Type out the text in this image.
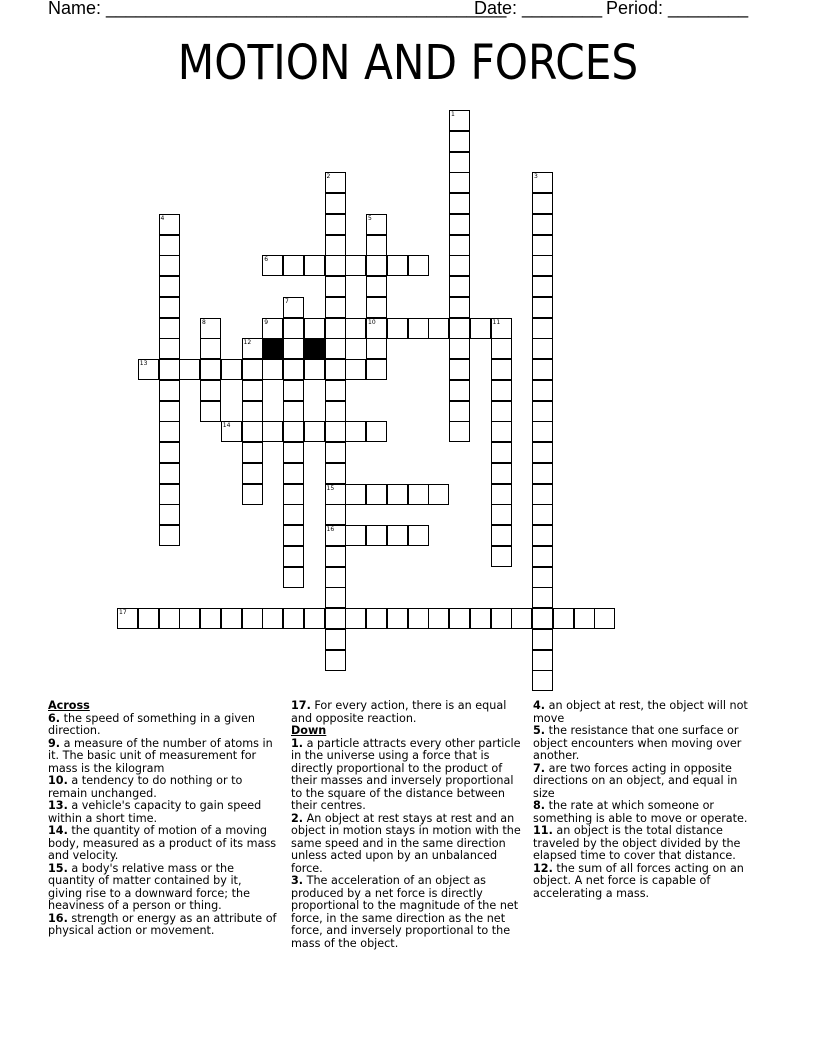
Name: ________________________________________
Date: ________ Period: ________
MOTION AND FORCES
1
2
15
16
3
4	5
10
6
7
8	9	11
12
13
14
17
Across
6. the speed of something in a given direction.
9. a measure of the number of atoms in it. The basic unit of measurement for mass is the kilogram
10. a tendency to do nothing or to remain unchanged.
13. a vehicle's capacity to gain speed within a short time.
14. the quantity of motion of a moving body, measured as a product of its mass and velocity.
15. a body's relative mass or the quantity of matter contained by it, giving rise to a downward force; the heaviness of a person or thing.
16. strength or energy as an attribute of physical action or movement.
17. For every action, there is an equal and opposite reaction.
Down
1. a particle attracts every other particle in the universe using a force that is directly proportional to the product of their masses and inversely proportional to the square of the distance between their centres.
2. An object at rest stays at rest and an object in motion stays in motion with the same speed and in the same direction unless acted upon by an unbalanced force.
3. The acceleration of an object as produced by a net force is directly proportional to the magnitude of the net force, in the same direction as the net force, and inversely proportional to the mass of the object.
4. an object at rest, the object will not move
5. the resistance that one surface or object encounters when moving over another.
7. are two forces acting in opposite directions on an object, and equal in size
8. the rate at which someone or something is able to move or operate.
11. an object is the total distance traveled by the object divided by the elapsed time to cover that distance.
12. the sum of all forces acting on an object. A net force is capable of accelerating a mass.
